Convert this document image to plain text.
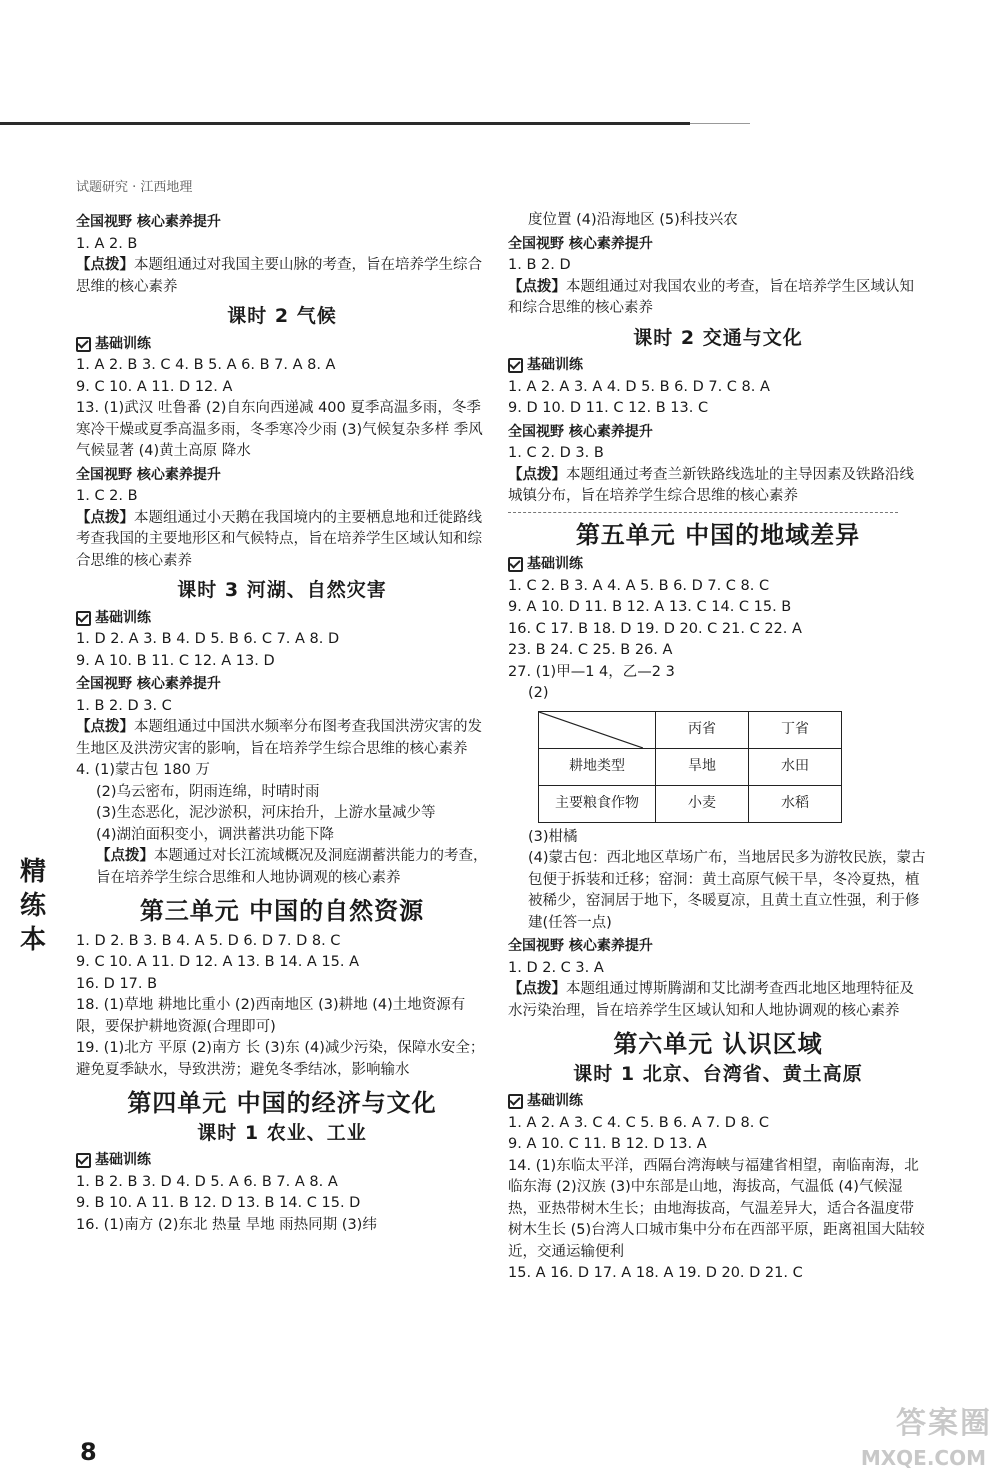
试题研究 · 江西地理
精
练
本
全国视野 核心素养提升
1. A 2. B
【点拨】本题组通过对我国主要山脉的考查，旨在培养学生综合思维的核心素养
课时 2 气候
基础训练
1. A 2. B 3. C 4. B 5. A 6. B 7. A 8. A
9. C 10. A 11. D 12. A
13. (1)武汉 吐鲁番 (2)自东向西递减 400 夏季高温多雨，冬季寒冷干燥或夏季高温多雨，冬季寒冷少雨 (3)气候复杂多样 季风气候显著 (4)黄土高原 降水
全国视野 核心素养提升
1. C 2. B
【点拨】本题组通过小天鹅在我国境内的主要栖息地和迁徙路线考查我国的主要地形区和气候特点，旨在培养学生区域认知和综合思维的核心素养
课时 3 河湖、自然灾害
基础训练
1. D 2. A 3. B 4. D 5. B 6. C 7. A 8. D
9. A 10. B 11. C 12. A 13. D
全国视野 核心素养提升
1. B 2. D 3. C
【点拨】本题组通过中国洪水频率分布图考查我国洪涝灾害的发生地区及洪涝灾害的影响，旨在培养学生综合思维的核心素养
4. (1)蒙古包 180 万
(2)乌云密布，阴雨连绵，时晴时雨
(3)生态恶化，泥沙淤积，河床抬升，上游水量减少等
(4)湖泊面积变小，调洪蓄洪功能下降
【点拨】本题通过对长江流域概况及洞庭湖蓄洪能力的考查，旨在培养学生综合思维和人地协调观的核心素养
第三单元 中国的自然资源
1. D 2. B 3. B 4. A 5. D 6. D 7. D 8. C
9. C 10. A 11. D 12. A 13. B 14. A 15. A
16. D 17. B
18. (1)草地 耕地比重小 (2)西南地区 (3)耕地 (4)土地资源有限，要保护耕地资源(合理即可)
19. (1)北方 平原 (2)南方 长 (3)东 (4)减少污染，保障水安全；避免夏季缺水，导致洪涝；避免冬季结冰，影响输水
第四单元 中国的经济与文化
课时 1 农业、工业
基础训练
1. B 2. B 3. D 4. D 5. A 6. B 7. A 8. A
9. B 10. A 11. B 12. D 13. B 14. C 15. D
16. (1)南方 (2)东北 热量 旱地 雨热同期 (3)纬
度位置 (4)沿海地区 (5)科技兴农
全国视野 核心素养提升
1. B 2. D
【点拨】本题组通过对我国农业的考查，旨在培养学生区域认知和综合思维的核心素养
课时 2 交通与文化
基础训练
1. A 2. A 3. A 4. D 5. B 6. D 7. C 8. A
9. D 10. D 11. C 12. B 13. C
全国视野 核心素养提升
1. C 2. D 3. B
【点拨】本题组通过考查兰新铁路线选址的主导因素及铁路沿线城镇分布，旨在培养学生综合思维的核心素养
第五单元 中国的地域差异
基础训练
1. C 2. B 3. A 4. A 5. B 6. D 7. C 8. C
9. A 10. D 11. B 12. A 13. C 14. C 15. B
16. C 17. B 18. D 19. D 20. C 21. C 22. A
23. B 24. C 25. B 26. A
27. (1)甲—1 4，乙—2 3
(2)
	丙省	丁省
耕地类型	旱地	水田
主要粮食作物	小麦	水稻
(3)柑橘
(4)蒙古包：西北地区草场广布，当地居民多为游牧民族，蒙古包便于拆装和迁移；窑洞：黄土高原气候干旱，冬冷夏热，植被稀少，窑洞居于地下，冬暖夏凉，且黄土直立性强，利于修建(任答一点)
全国视野 核心素养提升
1. D 2. C 3. A
【点拨】本题组通过博斯腾湖和艾比湖考查西北地区地理特征及水污染治理，旨在培养学生区域认知和人地协调观的核心素养
第六单元 认识区域
课时 1 北京、台湾省、黄土高原
基础训练
1. A 2. A 3. C 4. C 5. B 6. A 7. D 8. C
9. A 10. C 11. B 12. D 13. A
14. (1)东临太平洋，西隔台湾海峡与福建省相望，南临南海，北临东海 (2)汉族 (3)中东部是山地，海拔高，气温低 (4)气候湿热，亚热带树木生长；由地海拔高，气温差异大，适合各温度带树木生长 (5)台湾人口城市集中分布在西部平原，距离祖国大陆较近，交通运输便利
15. A 16. D 17. A 18. A 19. D 20. D 21. C
8
答案圈
MXQE.COM
